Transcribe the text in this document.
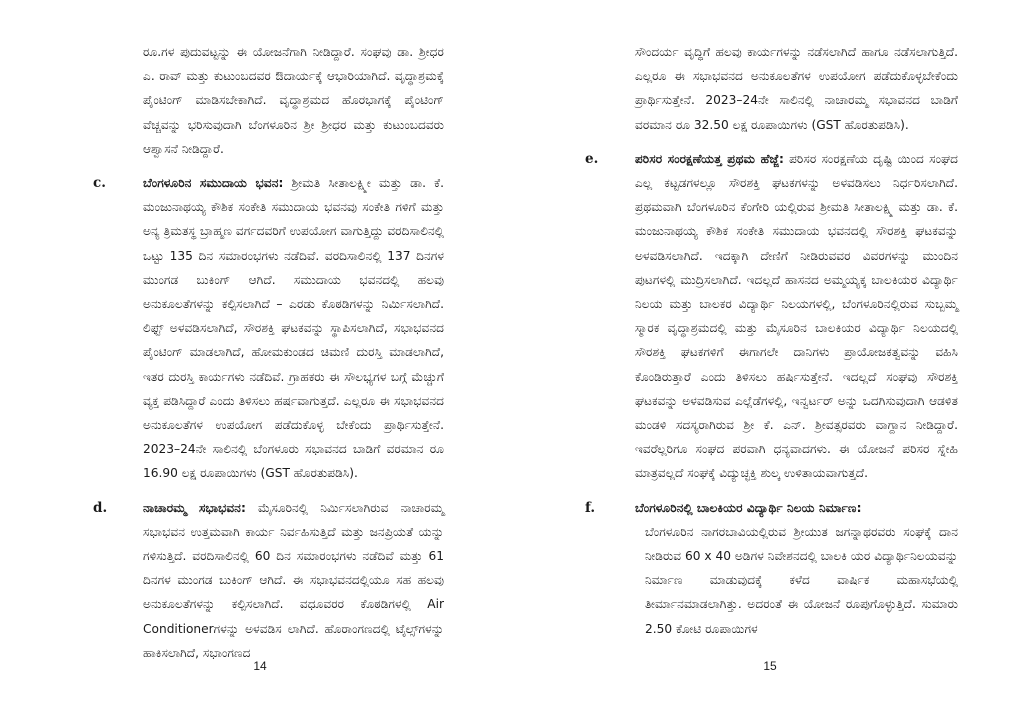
ರೂ.ಗಳ ಪುದುವಟ್ಟನ್ನು ಈ ಯೋಜನೆಗಾಗಿ ನೀಡಿದ್ದಾರೆ. ಸಂಘವು ಡಾ. ಶ್ರೀಧರ ಎ. ರಾವ್ ಮತ್ತು ಕುಟುಂಬದವರ ಔದಾರ್ಯಕ್ಕೆ ಆಭಾರಿಯಾಗಿದೆ. ವೃದ್ಧಾಶ್ರಮಕ್ಕೆ ಪೈಂಟಿಂಗ್ ಮಾಡಿಸಬೇಕಾಗಿದೆ. ವೃದ್ಧಾಶ್ರಮದ ಹೊರಭಾಗಕ್ಕೆ ಪೈಂಟಿಂಗ್ ವೆಚ್ಚವನ್ನು ಭರಿಸುವುದಾಗಿ ಬೆಂಗಳೂರಿನ ಶ್ರೀ ಶ್ರೀಧರ ಮತ್ತು ಕುಟುಂಬದವರು ಆಶ್ವಾಸನೆ ನೀಡಿದ್ದಾರೆ.

c.	ಬೆಂಗಳೂರಿನ ಸಮುದಾಯ ಭವನ: ಶ್ರೀಮತಿ ಸೀತಾಲಕ್ಷ್ಮೀ ಮತ್ತು ಡಾ. ಕೆ. ಮಂಜುನಾಥಯ್ಯ ಕೌಶಿಕ ಸಂಕೇತಿ ಸಮುದಾಯ ಭವನವು ಸಂಕೇತಿ ಗಳಿಗೆ ಮತ್ತು ಅನ್ಯ ತ್ರಿಮತಸ್ಥ ಬ್ರಾಹ್ಮಣ ವರ್ಗದವರಿಗೆ ಉಪಯೋಗ ವಾಗುತ್ತಿದ್ದು ವರದಿಸಾಲಿನಲ್ಲಿ ಒಟ್ಟು 135 ದಿನ ಸಮಾರಂಭಗಳು ನಡೆದಿವೆ. ವರದಿಸಾಲಿನಲ್ಲಿ 137 ದಿನಗಳ ಮುಂಗಡ ಬುಕಿಂಗ್ ಆಗಿದೆ. ಸಮುದಾಯ ಭವನದಲ್ಲಿ ಹಲವು ಅನುಕೂಲತೆಗಳನ್ನು ಕಲ್ಪಿಸಲಾಗಿದೆ – ಎರಡು ಕೊಠಡಿಗಳನ್ನು ನಿರ್ಮಿಸಲಾಗಿದೆ. ಲಿಫ್ಟ್ ಅಳವಡಿಸಲಾಗಿದೆ, ಸೌರಶಕ್ತಿ ಘಟಕವನ್ನು ಸ್ಥಾಪಿಸಲಾಗಿದೆ, ಸಭಾಭವನದ ಪೈಂಟಿಂಗ್ ಮಾಡಲಾಗಿದೆ, ಹೋಮಕುಂಡದ ಚಿಮಣಿ ದುರಸ್ತಿ ಮಾಡಲಾಗಿದೆ, ಇತರ ದುರಸ್ತಿ ಕಾರ್ಯಗಳು ನಡೆದಿವೆ. ಗ್ರಾಹಕರು ಈ ಸೌಲಭ್ಯಗಳ ಬಗ್ಗೆ ಮೆಚ್ಚುಗೆ ವ್ಯಕ್ತ ಪಡಿಸಿದ್ದಾರೆ ಎಂದು ತಿಳಿಸಲು ಹರ್ಷವಾಗುತ್ತದೆ. ಎಲ್ಲರೂ ಈ ಸಭಾಭವನದ ಅನುಕೂಲತೆಗಳ ಉಪಯೋಗ ಪಡೆದುಕೊಳ್ಳ ಬೇಕೆಂದು ಪ್ರಾರ್ಥಿಸುತ್ತೇನೆ. 2023–24ನೇ ಸಾಲಿನಲ್ಲಿ ಬೆಂಗಳೂರು ಸಭಾವನದ ಬಾಡಿಗೆ ವರಮಾನ ರೂ 16.90 ಲಕ್ಷ ರೂಪಾಯಿಗಳು (GST ಹೊರತುಪಡಿಸಿ).

d.	ನಾಚಾರಮ್ಮ ಸಭಾಭವನ: ಮೈಸೂರಿನಲ್ಲಿ ನಿರ್ಮಿಸಲಾಗಿರುವ ನಾಚಾರಮ್ಮ ಸಭಾಭವನ ಉತ್ತಮವಾಗಿ ಕಾರ್ಯ ನಿರ್ವಹಿಸುತ್ತಿದೆ ಮತ್ತು ಜನಪ್ರಿಯತೆ ಯನ್ನು ಗಳಿಸುತ್ತಿದೆ. ವರದಿಸಾಲಿನಲ್ಲಿ 60 ದಿನ ಸಮಾರಂಭಗಳು ನಡೆದಿವೆ ಮತ್ತು 61 ದಿನಗಳ ಮುಂಗಡ ಬುಕಿಂಗ್ ಆಗಿದೆ. ಈ ಸಭಾಭವನದಲ್ಲಿಯೂ ಸಹ ಹಲವು ಅನುಕೂಲತೆಗಳನ್ನು ಕಲ್ಪಿಸಲಾಗಿದೆ. ವಧೂವರರ ಕೊಠಡಿಗಳಲ್ಲಿ Air Conditionerಗಳನ್ನು ಅಳವಡಿಸ ಲಾಗಿದೆ. ಹೊರಾಂಗಣದಲ್ಲಿ ಟೈಲ್ಸ್‌ಗಳನ್ನು ಹಾಕಿಸಲಾಗಿದೆ, ಸಭಾಂಗಣದ

14

ಸೌಂದರ್ಯ ವೃದ್ಧಿಗೆ ಹಲವು ಕಾರ್ಯಗಳನ್ನು ನಡೆಸಲಾಗಿದೆ ಹಾಗೂ ನಡೆಸಲಾಗುತ್ತಿದೆ. ಎಲ್ಲರೂ ಈ ಸಭಾಭವನದ ಅನುಕೂಲತೆಗಳ ಉಪಯೋಗ ಪಡೆದುಕೊಳ್ಳಬೇಕೆಂದು ಪ್ರಾರ್ಥಿಸುತ್ತೇನೆ. 2023–24ನೇ ಸಾಲಿನಲ್ಲಿ ನಾಚಾರಮ್ಮ ಸಭಾವನದ ಬಾಡಿಗೆ ವರಮಾನ ರೂ 32.50 ಲಕ್ಷ ರೂಪಾಯಿಗಳು (GST ಹೊರತುಪಡಿಸಿ).

e.	ಪರಿಸರ ಸಂರಕ್ಷಣೆಯತ್ತ ಪ್ರಥಮ ಹೆಜ್ಜೆ: ಪರಿಸರ ಸಂರಕ್ಷಣೆಯ ದೃಷ್ಟಿ ಯಿಂದ ಸಂಘದ ಎಲ್ಲ ಕಟ್ಟಡಗಳಲ್ಲೂ ಸೌರಶಕ್ತಿ ಘಟಕಗಳನ್ನು ಅಳವಡಿಸಲು ನಿರ್ಧರಿಸಲಾಗಿದೆ. ಪ್ರಥಮವಾಗಿ ಬೆಂಗಳೂರಿನ ಕೆಂಗೇರಿ ಯಲ್ಲಿರುವ ಶ್ರೀಮತಿ ಸೀತಾಲಕ್ಷ್ಮಿ ಮತ್ತು ಡಾ. ಕೆ. ಮಂಜುನಾಥಯ್ಯ ಕೌಶಿಕ ಸಂಕೇತಿ ಸಮುದಾಯ ಭವನದಲ್ಲಿ ಸೌರಶಕ್ತಿ ಘಟಕವನ್ನು ಅಳವಡಿಸಲಾಗಿದೆ. ಇದಕ್ಕಾಗಿ ದೇಣಿಗೆ ನೀಡಿರುವವರ ವಿವರಗಳನ್ನು ಮುಂದಿನ ಪುಟಗಳಲ್ಲಿ ಮುದ್ರಿಸಲಾಗಿದೆ. ಇದಲ್ಲದೆ ಹಾಸನದ ಅಮ್ಮಯ್ಯಕ್ಕ ಬಾಲಕಿಯರ ವಿದ್ಯಾರ್ಥಿ ನಿಲಯ ಮತ್ತು ಬಾಲಕರ ವಿದ್ಯಾರ್ಥಿ ನಿಲಯಗಳಲ್ಲಿ, ಬೆಂಗಳೂರಿನಲ್ಲಿರುವ ಸುಬ್ಬಮ್ಮ ಸ್ಮಾರಕ ವೃದ್ಧಾಶ್ರಮದಲ್ಲಿ ಮತ್ತು ಮೈಸೂರಿನ ಬಾಲಕಿಯರ ವಿದ್ಯಾರ್ಥಿ ನಿಲಯದಲ್ಲಿ ಸೌರಶಕ್ತಿ ಘಟಕಗಳಿಗೆ ಈಗಾಗಲೇ ದಾನಿಗಳು ಪ್ರಾಯೋಜಕತ್ವವನ್ನು ವಹಿಸಿ ಕೊಂಡಿರುತ್ತಾರೆ ಎಂದು ತಿಳಿಸಲು ಹರ್ಷಿಸುತ್ತೇನೆ. ಇದಲ್ಲದೆ ಸಂಘವು ಸೌರಶಕ್ತಿ ಘಟಕವನ್ನು ಅಳವಡಿಸುವ ಎಲ್ಲೆಡೆಗಳಲ್ಲಿ, ಇನ್ವರ್ಟರ್ ಅನ್ನು ಒದಗಿಸುವುದಾಗಿ ಆಡಳಿತ ಮಂಡಳಿ ಸದಸ್ಯರಾಗಿರುವ ಶ್ರೀ ಕೆ. ಎನ್. ಶ್ರೀವತ್ಸರವರು ವಾಗ್ದಾನ ನೀಡಿದ್ದಾರೆ. ಇವರೆಲ್ಲರಿಗೂ ಸಂಘದ ಪರವಾಗಿ ಧನ್ಯವಾದಗಳು. ಈ ಯೋಜನೆ ಪರಿಸರ ಸ್ನೇಹಿ ಮಾತ್ರವಲ್ಲದೆ ಸಂಘಕ್ಕೆ ವಿದ್ಯುಚ್ಛಕ್ತಿ ಶುಲ್ಕ ಉಳಿತಾಯವಾಗುತ್ತದೆ.

f.	ಬೆಂಗಳೂರಿನಲ್ಲಿ ಬಾಲಕಿಯರ ವಿದ್ಯಾರ್ಥಿ ನಿಲಯ ನಿರ್ಮಾಣ:

ಬೆಂಗಳೂರಿನ ನಾಗರಬಾವಿಯಲ್ಲಿರುವ ಶ್ರೀಯುತ ಜಗನ್ನಾಥರವರು ಸಂಘಕ್ಕೆ ದಾನ ನೀಡಿರುವ 60 x 40 ಅಡಿಗಳ ನಿವೇಶನದಲ್ಲಿ ಬಾಲಕಿ ಯರ ವಿದ್ಯಾರ್ಥಿನಿಲಯವನ್ನು ನಿರ್ಮಾಣ ಮಾಡುವುದಕ್ಕೆ ಕಳೆದ ವಾರ್ಷಿಕ ಮಹಾಸಭೆಯಲ್ಲಿ ತೀರ್ಮಾನಮಾಡಲಾಗಿತ್ತು. ಅದರಂತೆ ಈ ಯೋಜನೆ ರೂಪುಗೊಳ್ಳುತ್ತಿದೆ. ಸುಮಾರು 2.50 ಕೋಟಿ ರೂಪಾಯಿಗಳ

15
